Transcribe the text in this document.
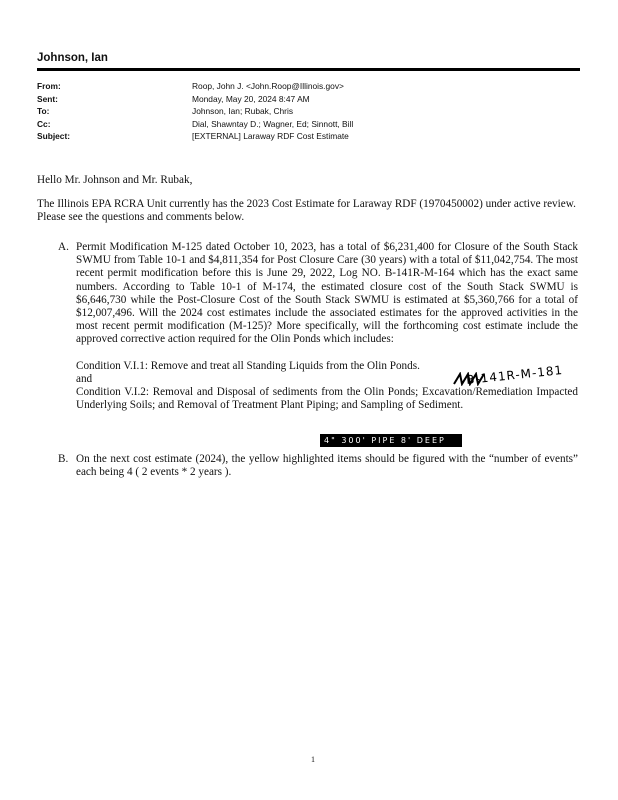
Johnson, Ian
From:	Roop, John J. <John.Roop@Illinois.gov>
Sent:	Monday, May 20, 2024 8:47 AM
To:	Johnson, Ian; Rubak, Chris
Cc:	Dial, Shawntay D.; Wagner, Ed; Sinnott, Bill
Subject:	[EXTERNAL] Laraway RDF Cost Estimate
Hello Mr. Johnson and Mr. Rubak,
The Illinois EPA RCRA Unit currently has the 2023 Cost Estimate for Laraway RDF (1970450002) under active review. Please see the questions and comments below.
A. Permit Modification M-125 dated October 10, 2023, has a total of $6,231,400 for Closure of the South Stack SWMU from Table 10-1 and $4,811,354 for Post Closure Care (30 years) with a total of $11,042,754. The most recent permit modification before this is June 29, 2022, Log NO. B-141R-M-164 which has the exact same numbers. According to Table 10-1 of M-174, the estimated closure cost of the South Stack SWMU is $6,646,730 while the Post-Closure Cost of the South Stack SWMU is estimated at $5,360,766 for a total of $12,007,496. Will the 2024 cost estimates include the associated estimates for the approved activities in the most recent permit modification (M-125)? More specifically, will the forthcoming cost estimate include the approved corrective action required for the Olin Ponds which includes:

Condition V.I.1: Remove and treat all Standing Liquids from the Olin Ponds.

and

Condition V.I.2: Removal and Disposal of sediments from the Olin Ponds; Excavation/Remediation Impacted Underlying Soils; and Removal of Treatment Plant Piping; and Sampling of Sediment.

B-141R-M-181
4" 300' PIPE 8' DEEP
B. On the next cost estimate (2024), the yellow highlighted items should be figured with the “number of events” each being 4 ( 2 events * 2 years ).

1
